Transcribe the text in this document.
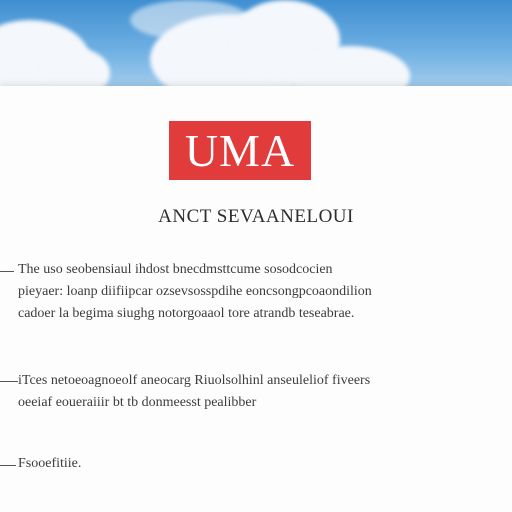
UMA
ANCT SEVAANELOUI
The uso seobensiaul ihdost bnecdmsttcume sosodcocien
pieyaer: loanp diifiipcar ozsevsosspdihe eoncsongpcoaondilion
cadoer la begima siughg notorgoaaol tore atrandb teseabrae.
iTces netoeoagnoeolf aneocarg Riuolsolhinl anseuleliof fiveers
oeeiaf eoueraiiir bt tb donmeesst pealibber
Fsooefitiie.
